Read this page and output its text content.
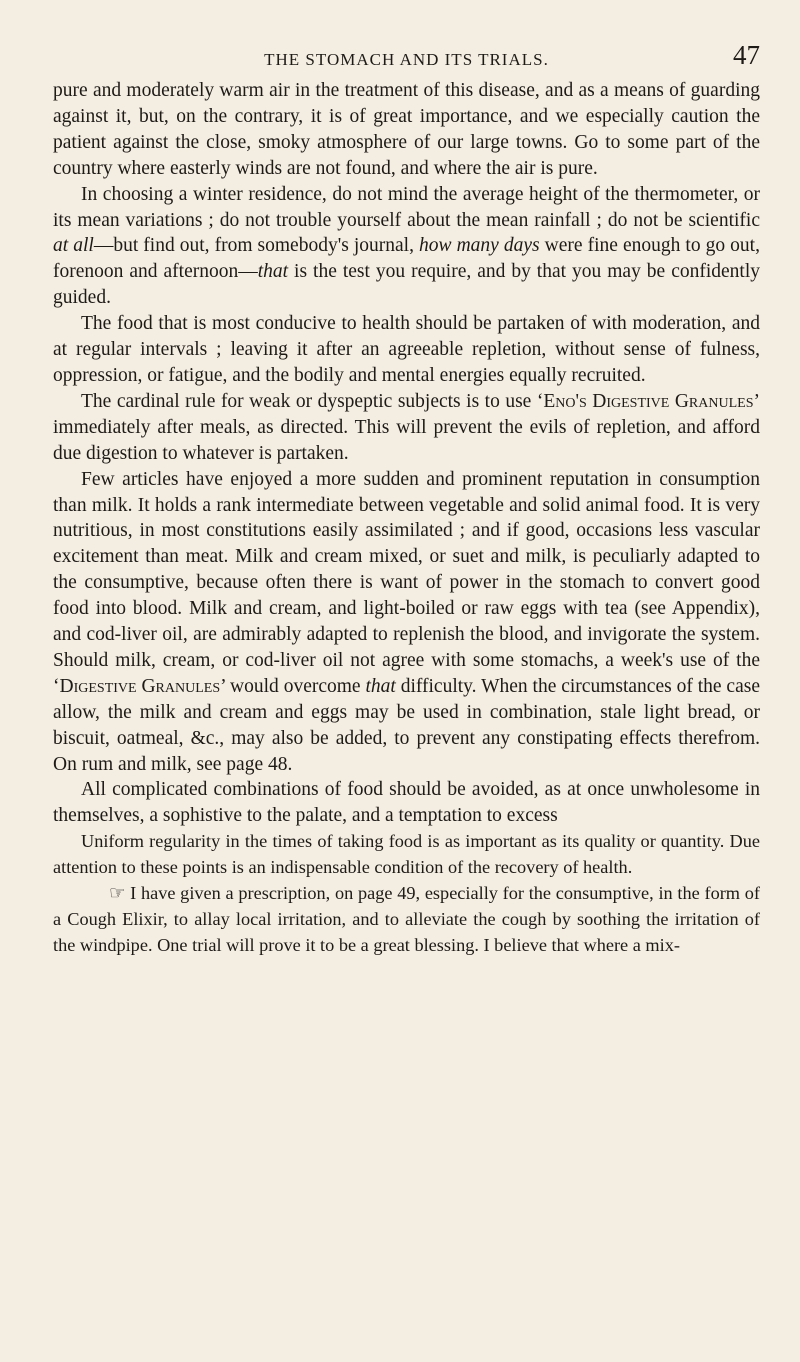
THE STOMACH AND ITS TRIALS.	47

pure and moderately warm air in the treatment of this disease, and as a means of guarding against it, but, on the contrary, it is of great importance, and we especially caution the patient against the close, smoky atmosphere of our large towns. Go to some part of the country where easterly winds are not found, and where the air is pure.

In choosing a winter residence, do not mind the average height of the thermometer, or its mean variations ; do not trouble yourself about the mean rainfall ; do not be scientific at all—but find out, from somebody's journal, how many days were fine enough to go out, forenoon and afternoon—that is the test you require, and by that you may be confidently guided.

The food that is most conducive to health should be partaken of with moderation, and at regular intervals ; leaving it after an agreeable repletion, without sense of fulness, oppression, or fatigue, and the bodily and mental energies equally recruited.

The cardinal rule for weak or dyspeptic subjects is to use ‘Eno's Digestive Granules’ immediately after meals, as directed. This will prevent the evils of repletion, and afford due digestion to whatever is partaken.

Few articles have enjoyed a more sudden and prominent reputation in consumption than milk. It holds a rank intermediate between vegetable and solid animal food. It is very nutritious, in most constitutions easily assimilated ; and if good, occasions less vascular excitement than meat. Milk and cream mixed, or suet and milk, is peculiarly adapted to the consumptive, because often there is want of power in the stomach to convert good food into blood. Milk and cream, and light-boiled or raw eggs with tea (see Appendix), and cod-liver oil, are admirably adapted to replenish the blood, and invigorate the system. Should milk, cream, or cod-liver oil not agree with some stomachs, a week's use of the ‘Digestive Granules’ would overcome that difficulty. When the circumstances of the case allow, the milk and cream and eggs may be used in combination, stale light bread, or biscuit, oatmeal, &c., may also be added, to prevent any constipating effects therefrom. On rum and milk, see page 48.

All complicated combinations of food should be avoided, as at once unwholesome in themselves, a sophistive to the palate, and a temptation to excess

Uniform regularity in the times of taking food is as important as its quality or quantity. Due attention to these points is an indispensable condition of the recovery of health.

☞ I have given a prescription, on page 49, especially for the consumptive, in the form of a Cough Elixir, to allay local irritation, and to alleviate the cough by soothing the irritation of the windpipe. One trial will prove it to be a great blessing. I believe that where a mix-
